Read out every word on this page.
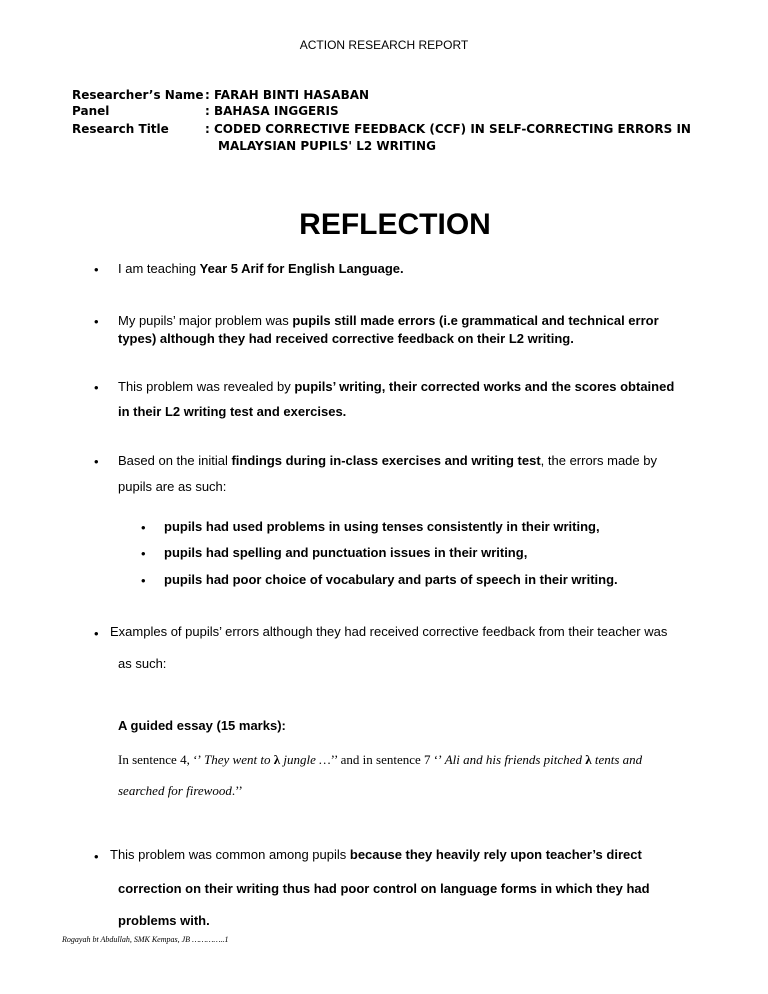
ACTION RESEARCH REPORT
Researcher’s Name : FARAH BINTI HASABAN
Panel	: BAHASA INGGERIS
Research Title	: CODED CORRECTIVE FEEDBACK (CCF) IN SELF-CORRECTING ERRORS IN
MALAYSIAN PUPILS' L2 WRITING
REFLECTION
• I am teaching Year 5 Arif for English Language.
• My pupils’ major problem was pupils still made errors (i.e grammatical and technical error
types) although they had received corrective feedback on their L2 writing.
• This problem was revealed by pupils’ writing, their corrected works and the scores obtained
in their L2 writing test and exercises.
• Based on the initial findings during in-class exercises and writing test, the errors made by
pupils are as such:
• pupils had used problems in using tenses consistently in their writing,
• pupils had spelling and punctuation issues in their writing,
• pupils had poor choice of vocabulary and parts of speech in their writing.
• Examples of pupils’ errors although they had received corrective feedback from their teacher was
as such:
A guided essay (15 marks):
In sentence 4, ‘’ They went to λ jungle …’’ and in sentence 7 ‘’ Ali and his friends pitched λ tents and
searched for firewood.’’
• This problem was common among pupils because they heavily rely upon teacher’s direct
correction on their writing thus had poor control on language forms in which they had
problems with.
Rogayah bt Abdullah, SMK Kempas, JB …………..1
